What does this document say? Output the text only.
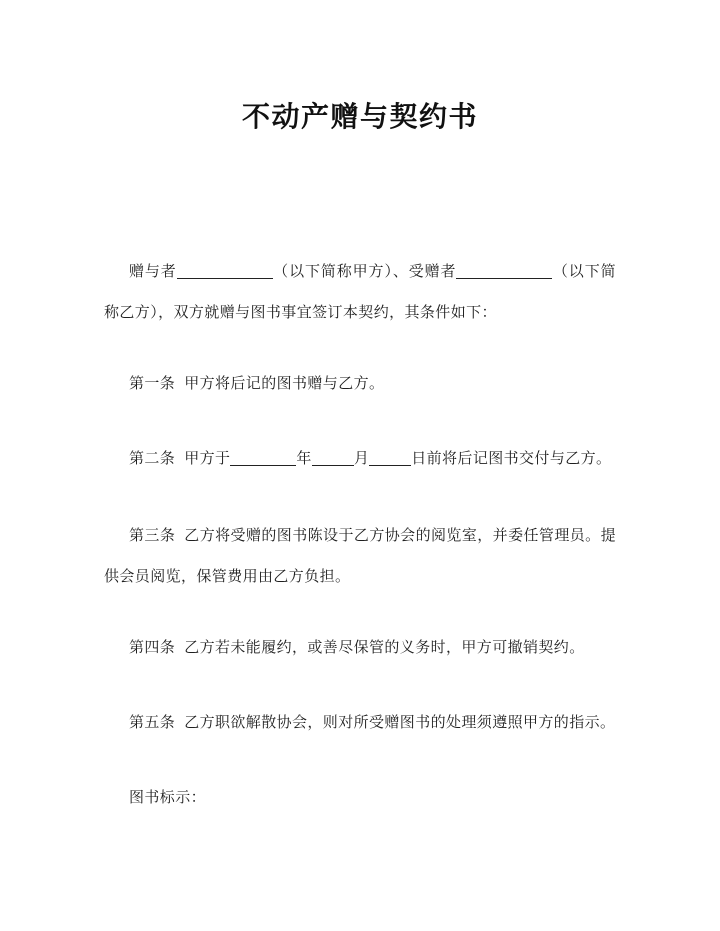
不动产赠与契约书

赠与者	（以下简称甲方）、受赠者	（以下简称乙方），双方就赠与图书事宜签订本契约，其条件如下：

第一条 甲方将后记的图书赠与乙方。

第二条 甲方于	年	月	日前将后记图书交付与乙方。

第三条 乙方将受赠的图书陈设于乙方协会的阅览室，并委任管理员。提供会员阅览，保管费用由乙方负担。

第四条 乙方若未能履约，或善尽保管的义务时，甲方可撤销契约。

第五条 乙方职欲解散协会，则对所受赠图书的处理须遵照甲方的指示。

图书标示：
